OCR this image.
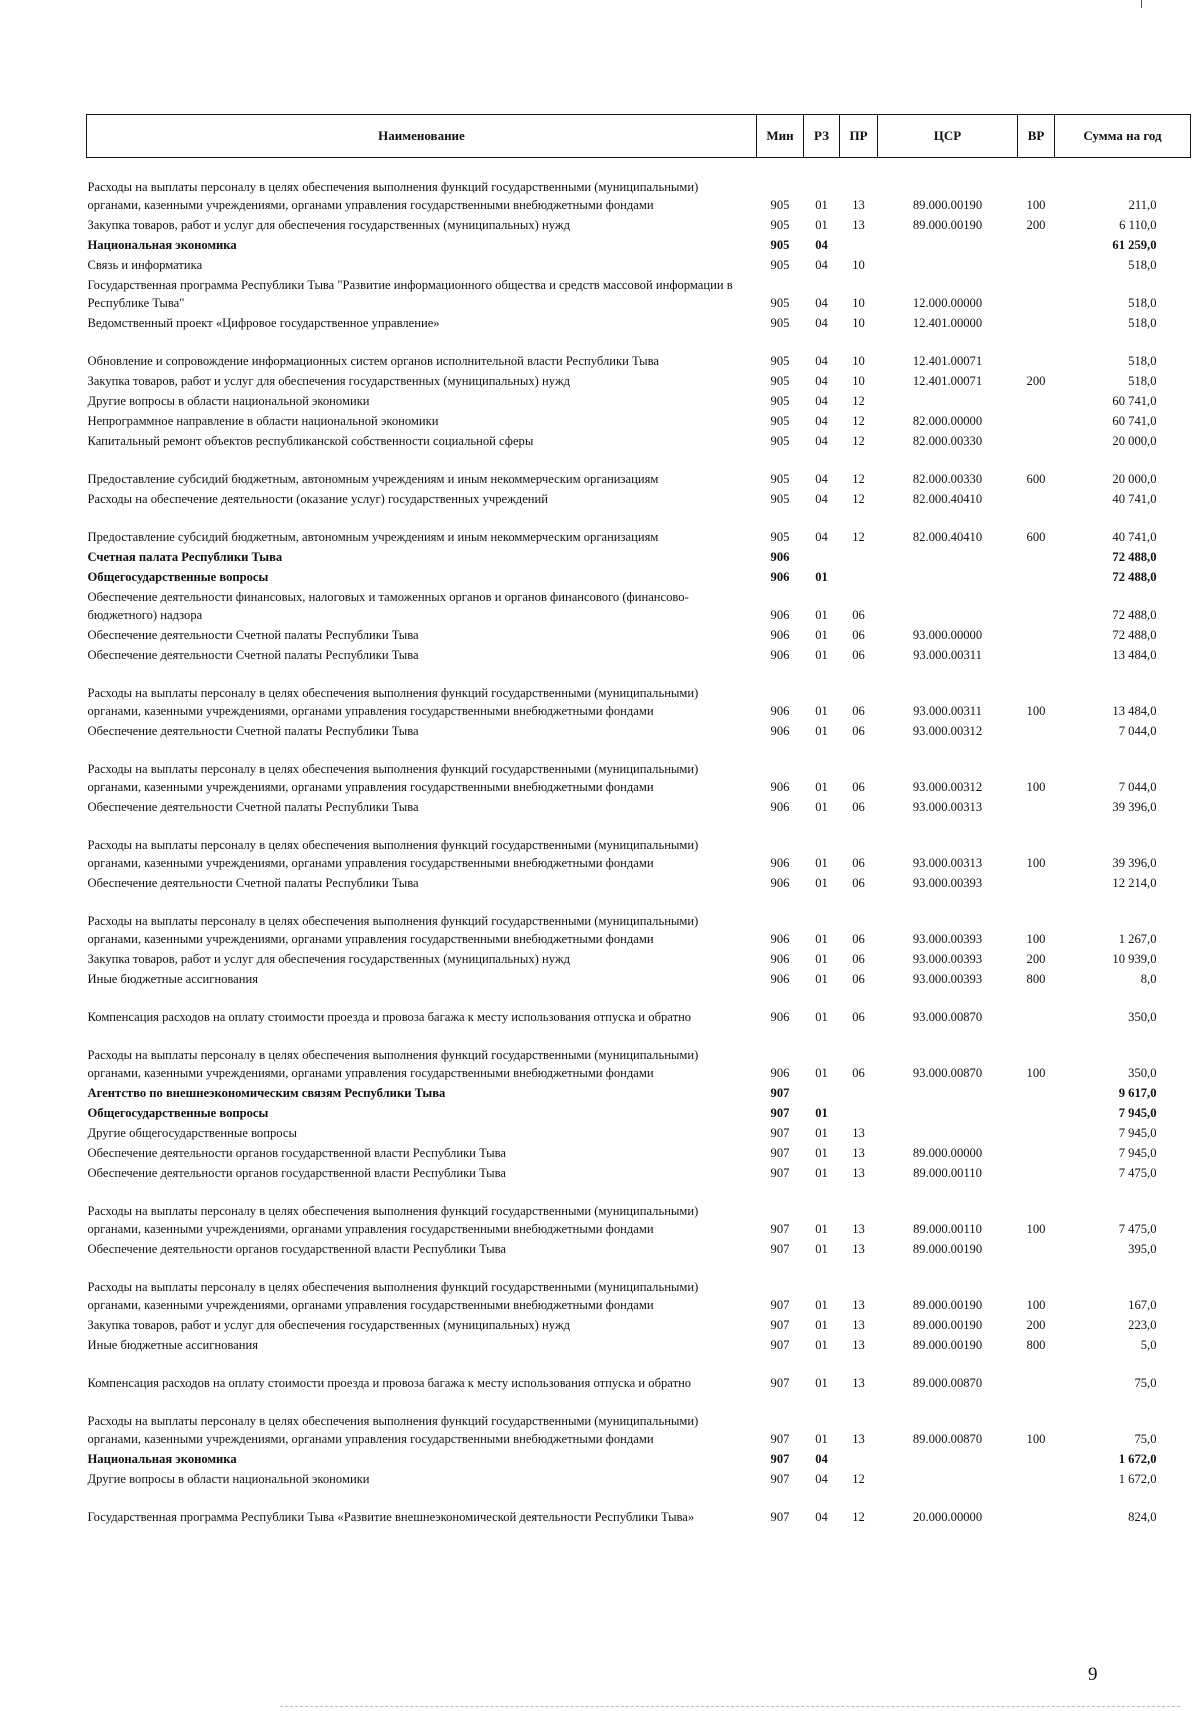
Наименование	Мин	РЗ	ПР	ЦСР	ВР	Сумма на год
Расходы на выплаты персоналу в целях обеспечения выполнения функций государственными (муниципальными) органами, казенными учреждениями, органами управления государственными внебюджетными фондами	905	01	13	89.000.00190	100	211,0
Закупка товаров, работ и услуг для обеспечения государственных (муниципальных) нужд	905	01	13	89.000.00190	200	6 110,0
Национальная экономика	905	04				61 259,0
Связь и информатика	905	04	10			518,0
Государственная программа Республики Тыва "Развитие информационного общества и средств массовой информации в Республике Тыва"	905	04	10	12.000.00000		518,0
Ведомственный проект «Цифровое государственное управление»	905	04	10	12.401.00000		518,0
Обновление и сопровождение информационных систем органов исполнительной власти Республики Тыва	905	04	10	12.401.00071		518,0
Закупка товаров, работ и услуг для обеспечения государственных (муниципальных) нужд	905	04	10	12.401.00071	200	518,0
Другие вопросы в области национальной экономики	905	04	12			60 741,0
Непрограммное направление в области национальной экономики	905	04	12	82.000.00000		60 741,0
Капитальный ремонт объектов республиканской собственности социальной сферы	905	04	12	82.000.00330		20 000,0
Предоставление субсидий бюджетным, автономным учреждениям и иным некоммерческим организациям	905	04	12	82.000.00330	600	20 000,0
Расходы на обеспечение деятельности (оказание услуг) государственных учреждений	905	04	12	82.000.40410		40 741,0
Предоставление субсидий бюджетным, автономным учреждениям и иным некоммерческим организациям	905	04	12	82.000.40410	600	40 741,0
Счетная палата Республики Тыва	906					72 488,0
Общегосударственные вопросы	906	01				72 488,0
Обеспечение деятельности финансовых, налоговых и таможенных органов и органов финансового (финансово-бюджетного) надзора	906	01	06			72 488,0
Обеспечение деятельности Счетной палаты Республики Тыва	906	01	06	93.000.00000		72 488,0
Обеспечение деятельности Счетной палаты Республики Тыва	906	01	06	93.000.00311		13 484,0
Расходы на выплаты персоналу в целях обеспечения выполнения функций государственными (муниципальными) органами, казенными учреждениями, органами управления государственными внебюджетными фондами	906	01	06	93.000.00311	100	13 484,0
Обеспечение деятельности Счетной палаты Республики Тыва	906	01	06	93.000.00312		7 044,0
Расходы на выплаты персоналу в целях обеспечения выполнения функций государственными (муниципальными) органами, казенными учреждениями, органами управления государственными внебюджетными фондами	906	01	06	93.000.00312	100	7 044,0
Обеспечение деятельности Счетной палаты Республики Тыва	906	01	06	93.000.00313		39 396,0
Расходы на выплаты персоналу в целях обеспечения выполнения функций государственными (муниципальными) органами, казенными учреждениями, органами управления государственными внебюджетными фондами	906	01	06	93.000.00313	100	39 396,0
Обеспечение деятельности Счетной палаты Республики Тыва	906	01	06	93.000.00393		12 214,0
Расходы на выплаты персоналу в целях обеспечения выполнения функций государственными (муниципальными) органами, казенными учреждениями, органами управления государственными внебюджетными фондами	906	01	06	93.000.00393	100	1 267,0
Закупка товаров, работ и услуг для обеспечения государственных (муниципальных) нужд	906	01	06	93.000.00393	200	10 939,0
Иные бюджетные ассигнования	906	01	06	93.000.00393	800	8,0
Компенсация расходов на оплату стоимости проезда и провоза багажа к месту использования отпуска и обратно	906	01	06	93.000.00870		350,0
Расходы на выплаты персоналу в целях обеспечения выполнения функций государственными (муниципальными) органами, казенными учреждениями, органами управления государственными внебюджетными фондами	906	01	06	93.000.00870	100	350,0
Агентство по внешнеэкономическим связям Республики Тыва	907					9 617,0
Общегосударственные вопросы	907	01				7 945,0
Другие общегосударственные вопросы	907	01	13			7 945,0
Обеспечение деятельности органов государственной власти Республики Тыва	907	01	13	89.000.00000		7 945,0
Обеспечение деятельности органов государственной власти Республики Тыва	907	01	13	89.000.00110		7 475,0
Расходы на выплаты персоналу в целях обеспечения выполнения функций государственными (муниципальными) органами, казенными учреждениями, органами управления государственными внебюджетными фондами	907	01	13	89.000.00110	100	7 475,0
Обеспечение деятельности органов государственной власти Республики Тыва	907	01	13	89.000.00190		395,0
Расходы на выплаты персоналу в целях обеспечения выполнения функций государственными (муниципальными) органами, казенными учреждениями, органами управления государственными внебюджетными фондами	907	01	13	89.000.00190	100	167,0
Закупка товаров, работ и услуг для обеспечения государственных (муниципальных) нужд	907	01	13	89.000.00190	200	223,0
Иные бюджетные ассигнования	907	01	13	89.000.00190	800	5,0
Компенсация расходов на оплату стоимости проезда и провоза багажа к месту использования отпуска и обратно	907	01	13	89.000.00870		75,0
Расходы на выплаты персоналу в целях обеспечения выполнения функций государственными (муниципальными) органами, казенными учреждениями, органами управления государственными внебюджетными фондами	907	01	13	89.000.00870	100	75,0
Национальная экономика	907	04				1 672,0
Другие вопросы в области национальной экономики	907	04	12			1 672,0
Государственная программа Республики Тыва «Развитие внешнеэкономической деятельности Республики Тыва»	907	04	12	20.000.00000		824,0
9
